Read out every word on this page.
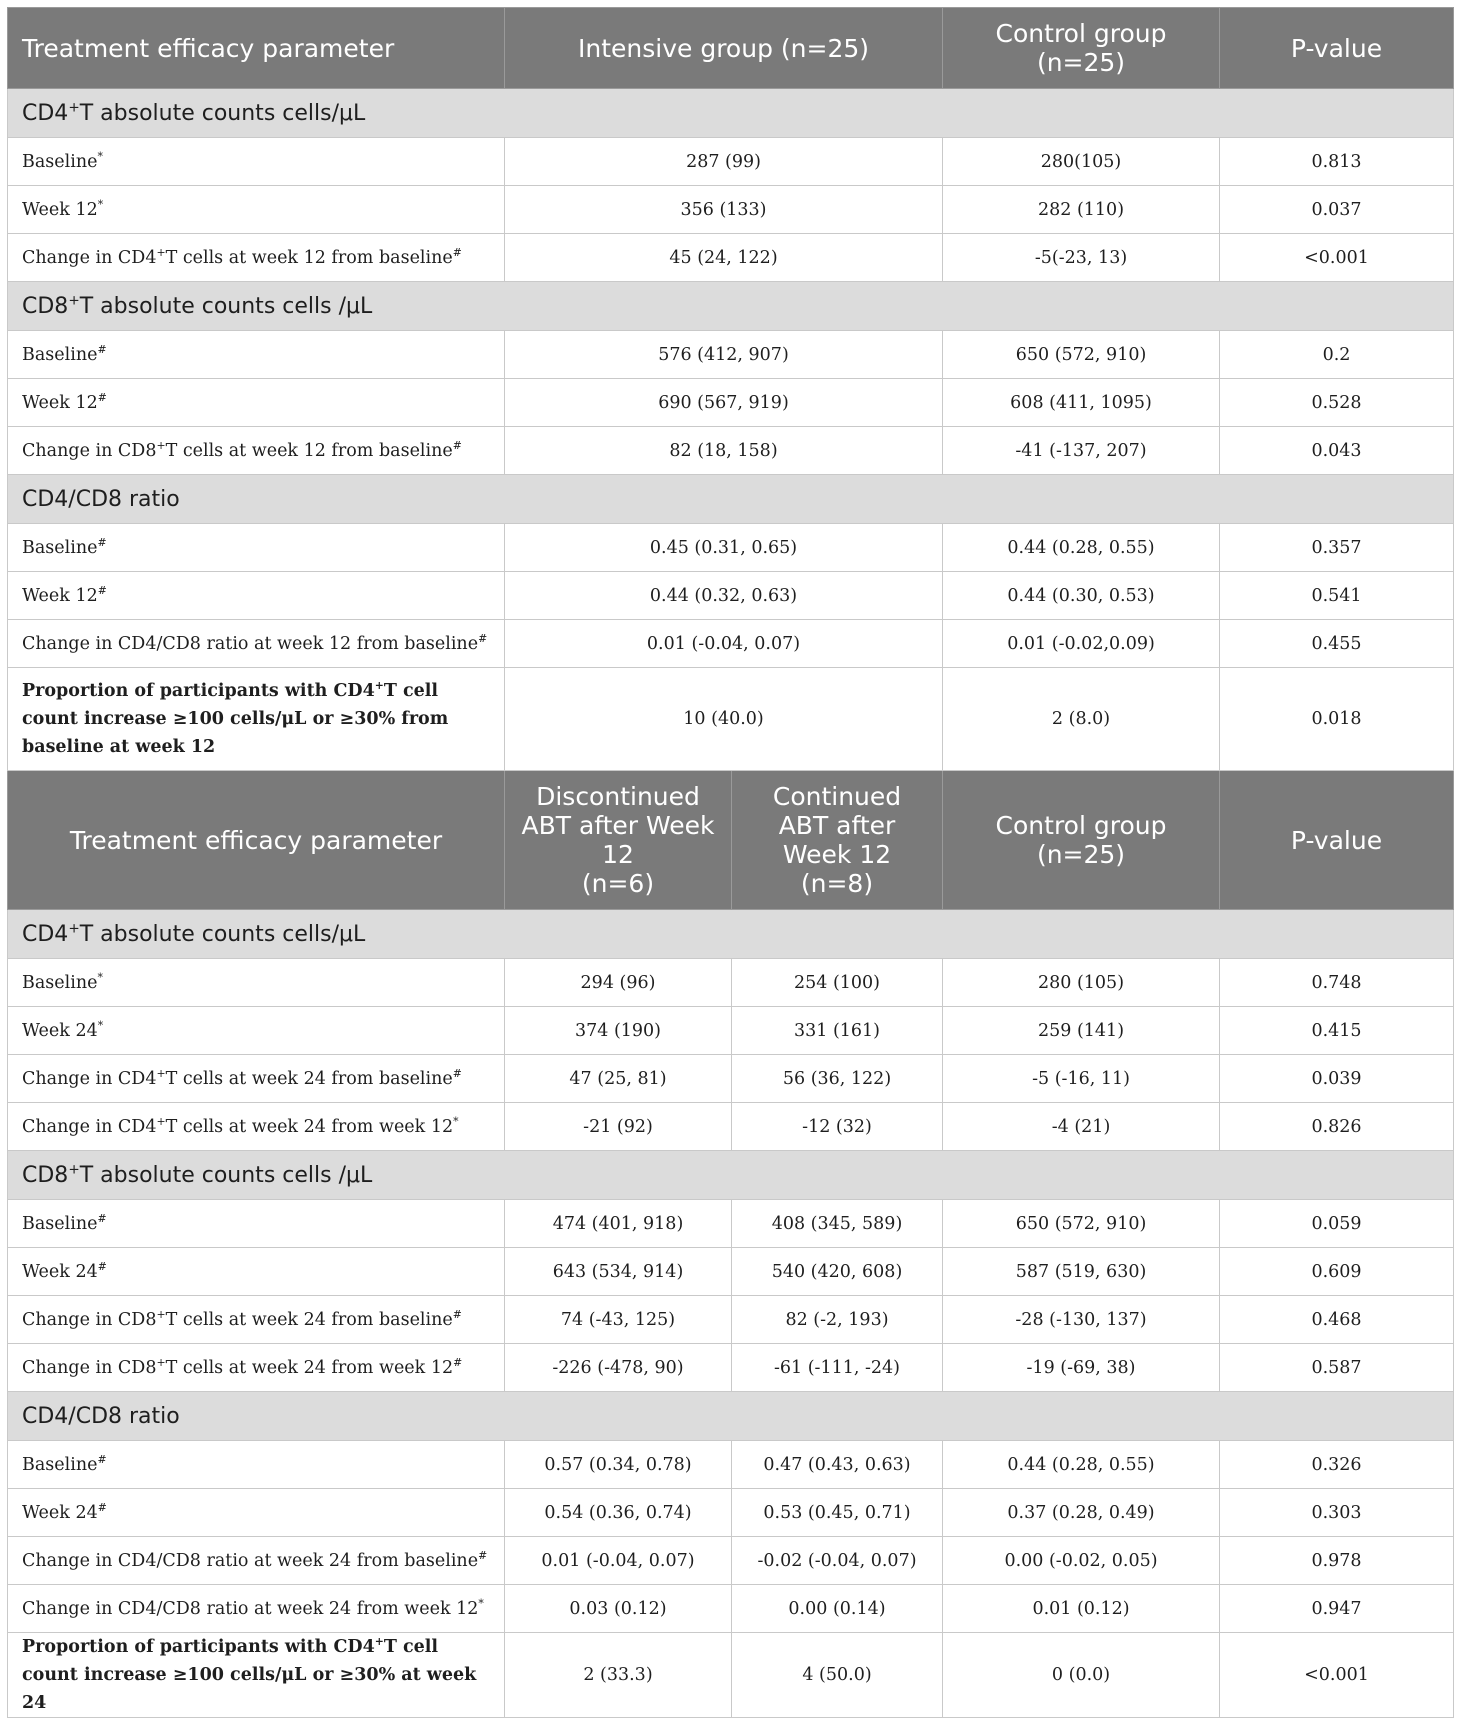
Treatment efficacy parameter	Intensive group (n=25)		Control group
(n=25)	P-value
CD4+T absolute counts cells/μL				
Baseline*	287 (99)		280(105)	0.813
Week 12*	356 (133)		282 (110)	0.037
Change in CD4+T cells at week 12 from baseline#	45 (24, 122)		-5(-23, 13)	<0.001
CD8+T absolute counts cells /μL				
Baseline#	576 (412, 907)		650 (572, 910)	0.2
Week 12#	690 (567, 919)		608 (411, 1095)	0.528
Change in CD8+T cells at week 12 from baseline#	82 (18, 158)		-41 (-137, 207)	0.043
CD4/CD8 ratio				
Baseline#	0.45 (0.31, 0.65)		0.44 (0.28, 0.55)	0.357
Week 12#	0.44 (0.32, 0.63)		0.44 (0.30, 0.53)	0.541
Change in CD4/CD8 ratio at week 12 from baseline#	0.01 (-0.04, 0.07)		0.01 (-0.02,0.09)	0.455
Proportion of participants with CD4+T cell count increase ≥100 cells/μL or ≥30% from baseline at week 12	10 (40.0)		2 (8.0)	0.018
Treatment efficacy parameter	Discontinued ABT after Week 12
(n=6)	Continued ABT after Week 12
(n=8)	Control group
(n=25)	P-value
CD4+T absolute counts cells/μL				
Baseline*	294 (96)	254 (100)	280 (105)	0.748
Week 24*	374 (190)	331 (161)	259 (141)	0.415
Change in CD4+T cells at week 24 from baseline#	47 (25, 81)	56 (36, 122)	-5 (-16, 11)	0.039
Change in CD4+T cells at week 24 from week 12*	-21 (92)	-12 (32)	-4 (21)	0.826
CD8+T absolute counts cells /μL				
Baseline#	474 (401, 918)	408 (345, 589)	650 (572, 910)	0.059
Week 24#	643 (534, 914)	540 (420, 608)	587 (519, 630)	0.609
Change in CD8+T cells at week 24 from baseline#	74 (-43, 125)	82 (-2, 193)	-28 (-130, 137)	0.468
Change in CD8+T cells at week 24 from week 12#	-226 (-478, 90)	-61 (-111, -24)	-19 (-69, 38)	0.587
CD4/CD8 ratio				
Baseline#	0.57 (0.34, 0.78)	0.47 (0.43, 0.63)	0.44 (0.28, 0.55)	0.326
Week 24#	0.54 (0.36, 0.74)	0.53 (0.45, 0.71)	0.37 (0.28, 0.49)	0.303
Change in CD4/CD8 ratio at week 24 from baseline#	0.01 (-0.04, 0.07)	-0.02 (-0.04, 0.07)	0.00 (-0.02, 0.05)	0.978
Change in CD4/CD8 ratio at week 24 from week 12*	0.03 (0.12)	0.00 (0.14)	0.01 (0.12)	0.947
Proportion of participants with CD4+T cell count increase ≥100 cells/μL or ≥30% at week 24	2 (33.3)	4 (50.0)	0 (0.0)	<0.001
